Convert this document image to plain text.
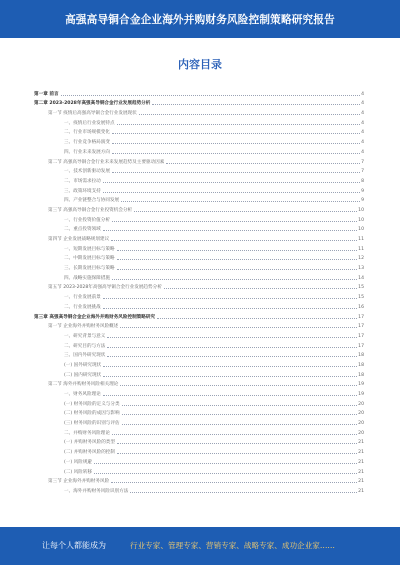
高强高导铜合金企业海外并购财务风险控制策略研究报告
内容目录
第一章 前言	4
第二章 2023-2028年高强高导铜合金行业发展趋势分析	4
第一节 疫情后高强高导铜合金行业发展现状	4
一、疫情后行业发展特点	4
二、行业市场规模变化	4
三、行业竞争格局演变	4
四、行业未来发展方向	4
第二节 高强高导铜合金行业未来发展趋势及主要驱动因素	7
一、技术创新驱动发展	7
二、市场需求拉动	8
三、政策环境支持	9
四、产业链整合与协同发展	9
第三节 高强高导铜合金行业投资机会分析	10
一、行业投资价值分析	10
二、重点投资领域	10
第四节 企业发展战略规划建议	11
一、短期发展目标与策略	11
二、中期发展目标与策略	12
三、长期发展目标与策略	13
四、战略实施保障措施	14
第五节 2023-2028年高强高导铜合金行业发展趋势分析	15
一、行业发展前景	15
二、行业发展挑战	16
第三章 高强高导铜合金企业海外并购财务风险控制策略研究	17
第一节 企业海外并购财务风险概述	17
一、研究背景与意义	17
二、研究目的与方法	17
三、国内外研究现状	18
(一) 国外研究现状	18
(二) 国内研究现状	18
第二节 海外并购财务风险相关理论	19
一、财务风险理论	19
(一) 财务风险的定义与分类	20
(二) 财务风险的成因与影响	20
(三) 财务风险的识别与评估	20
二、并购财务风险理论	20
(一) 并购财务风险的类型	21
(二) 并购财务风险的控制	21
(一) 风险规避	21
(二) 风险转移	21
第三节 企业海外并购财务风险	21
一、海外并购财务风险识别方法	21
让每个人都能成为	行业专家、管理专家、营销专家、战略专家、成功企业家……
